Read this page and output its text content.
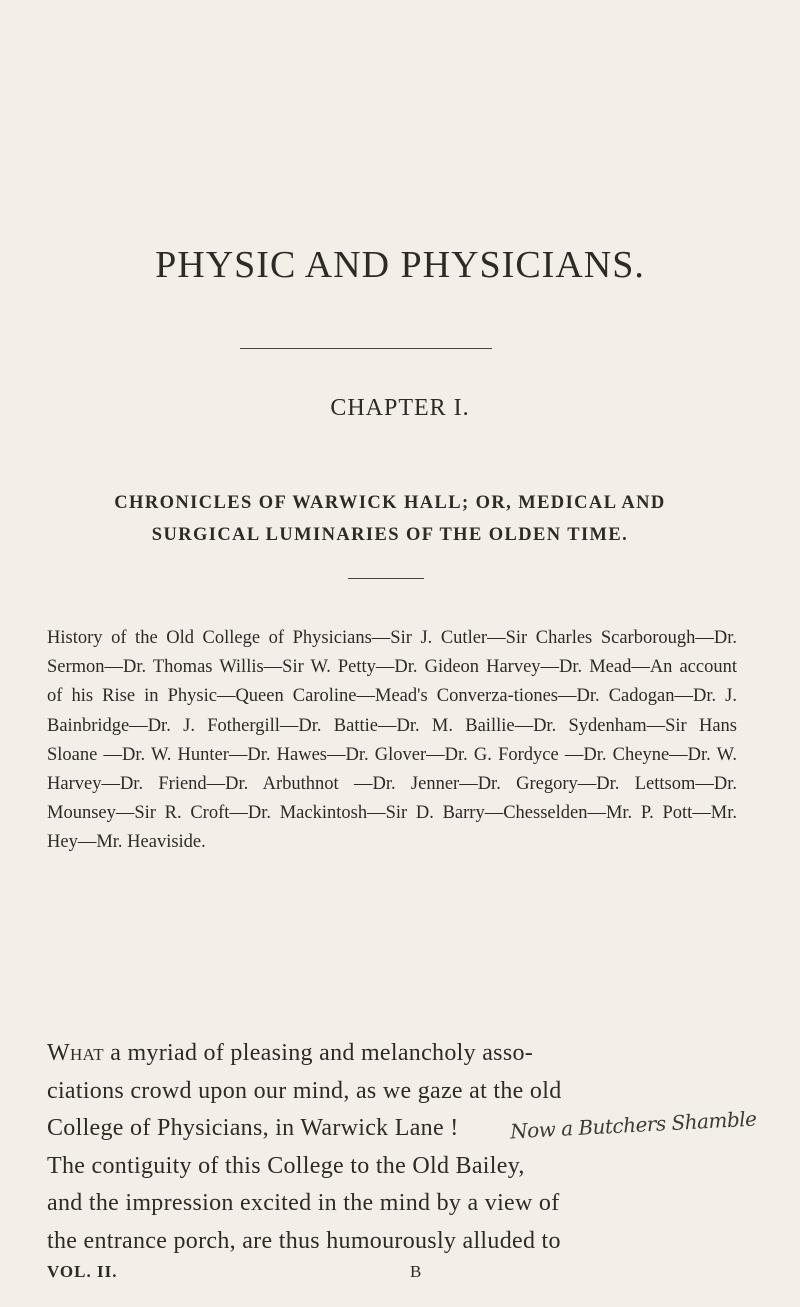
PHYSIC AND PHYSICIANS.
CHAPTER I.
CHRONICLES OF WARWICK HALL; OR, MEDICAL AND
SURGICAL LUMINARIES OF THE OLDEN TIME.

History of the Old College of Physicians—Sir J. Cutler—Sir Charles Scarborough—Dr. Sermon—Dr. Thomas Willis—Sir W. Petty—Dr. Gideon Harvey—Dr. Mead—An account of his Rise in Physic—Queen Caroline—Mead's Converza-tiones—Dr. Cadogan—Dr. J. Bainbridge—Dr. J. Fothergill—Dr. Battie—Dr. M. Baillie—Dr. Sydenham—Sir Hans Sloane —Dr. W. Hunter—Dr. Hawes—Dr. Glover—Dr. G. Fordyce —Dr. Cheyne—Dr. W. Harvey—Dr. Friend—Dr. Arbuthnot —Dr. Jenner—Dr. Gregory—Dr. Lettsom—Dr. Mounsey—Sir R. Croft—Dr. Mackintosh—Sir D. Barry—Chesselden—Mr. P. Pott—Mr. Hey—Mr. Heaviside.

What a myriad of pleasing and melancholy asso-
ciations crowd upon our mind, as we gaze at the old
College of Physicians, in Warwick Lane !
The contiguity of this College to the Old Bailey,
and the impression excited in the mind by a view of
the entrance porch, are thus humourously alluded to
Now a Butchers Shamble
VOL. II.	B
